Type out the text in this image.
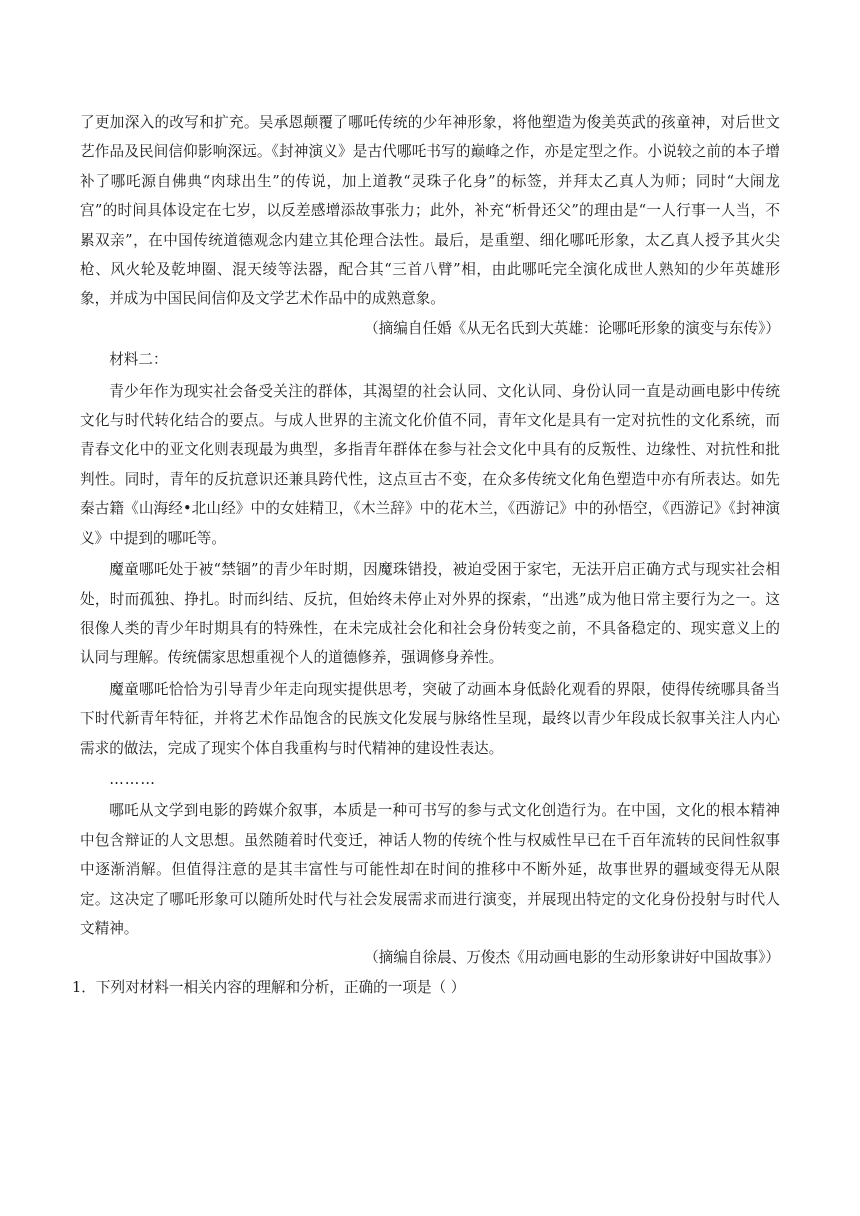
了更加深入的改写和扩充。吴承恩颠覆了哪吒传统的少年神形象，将他塑造为俊美英武的孩童神，对后世文艺作品及民间信仰影响深远。《封神演义》是古代哪吒书写的巅峰之作，亦是定型之作。小说较之前的本子增补了哪吒源自佛典“肉球出生”的传说，加上道教“灵珠子化身”的标签，并拜太乙真人为师；同时“大闹龙宫”的时间具体设定在七岁，以反差感增添故事张力；此外，补充“析骨还父”的理由是“一人行事一人当，不累双亲”，在中国传统道德观念内建立其伦理合法性。最后，是重塑、细化哪吒形象，太乙真人授予其火尖枪、风火轮及乾坤圈、混天绫等法器，配合其“三首八臂”相，由此哪吒完全演化成世人熟知的少年英雄形象，并成为中国民间信仰及文学艺术作品中的成熟意象。

（摘编自任婚《从无名氏到大英雄：论哪吒形象的演变与东传》）

材料二：

青少年作为现实社会备受关注的群体，其渴望的社会认同、文化认同、身份认同一直是动画电影中传统文化与时代转化结合的要点。与成人世界的主流文化价值不同，青年文化是具有一定对抗性的文化系统，而青春文化中的亚文化则表现最为典型，多指青年群体在参与社会文化中具有的反叛性、边缘性、对抗性和批判性。同时，青年的反抗意识还兼具跨代性，这点亘古不变，在众多传统文化角色塑造中亦有所表达。如先秦古籍《山海经•北山经》中的女娃精卫，《木兰辞》中的花木兰，《西游记》中的孙悟空，《西游记》《封神演义》中提到的哪吒等。

魔童哪吒处于被“禁锢”的青少年时期，因魔珠错投，被迫受困于家宅，无法开启正确方式与现实社会相处，时而孤独、挣扎。时而纠结、反抗，但始终未停止对外界的探索，“出逃”成为他日常主要行为之一。这很像人类的青少年时期具有的特殊性，在未完成社会化和社会身份转变之前，不具备稳定的、现实意义上的认同与理解。传统儒家思想重视个人的道德修养，强调修身养性。

魔童哪吒恰恰为引导青少年走向现实提供思考，突破了动画本身低龄化观看的界限，使得传统哪具备当下时代新青年特征，并将艺术作品饱含的民族文化发展与脉络性呈现，最终以青少年段成长叙事关注人内心需求的做法，完成了现实个体自我重构与时代精神的建设性表达。

………

哪吒从文学到电影的跨媒介叙事，本质是一种可书写的参与式文化创造行为。在中国，文化的根本精神中包含辩证的人文思想。虽然随着时代变迁，神话人物的传统个性与权威性早已在千百年流转的民间性叙事中逐渐消解。但值得注意的是其丰富性与可能性却在时间的推移中不断外延，故事世界的疆域变得无从限定。这决定了哪吒形象可以随所处时代与社会发展需求而进行演变，并展现出特定的文化身份投射与时代人文精神。

（摘编自徐晨、万俊杰《用动画电影的生动形象讲好中国故事》）

1．下列对材料一相关内容的理解和分析，正确的一项是（ ）
